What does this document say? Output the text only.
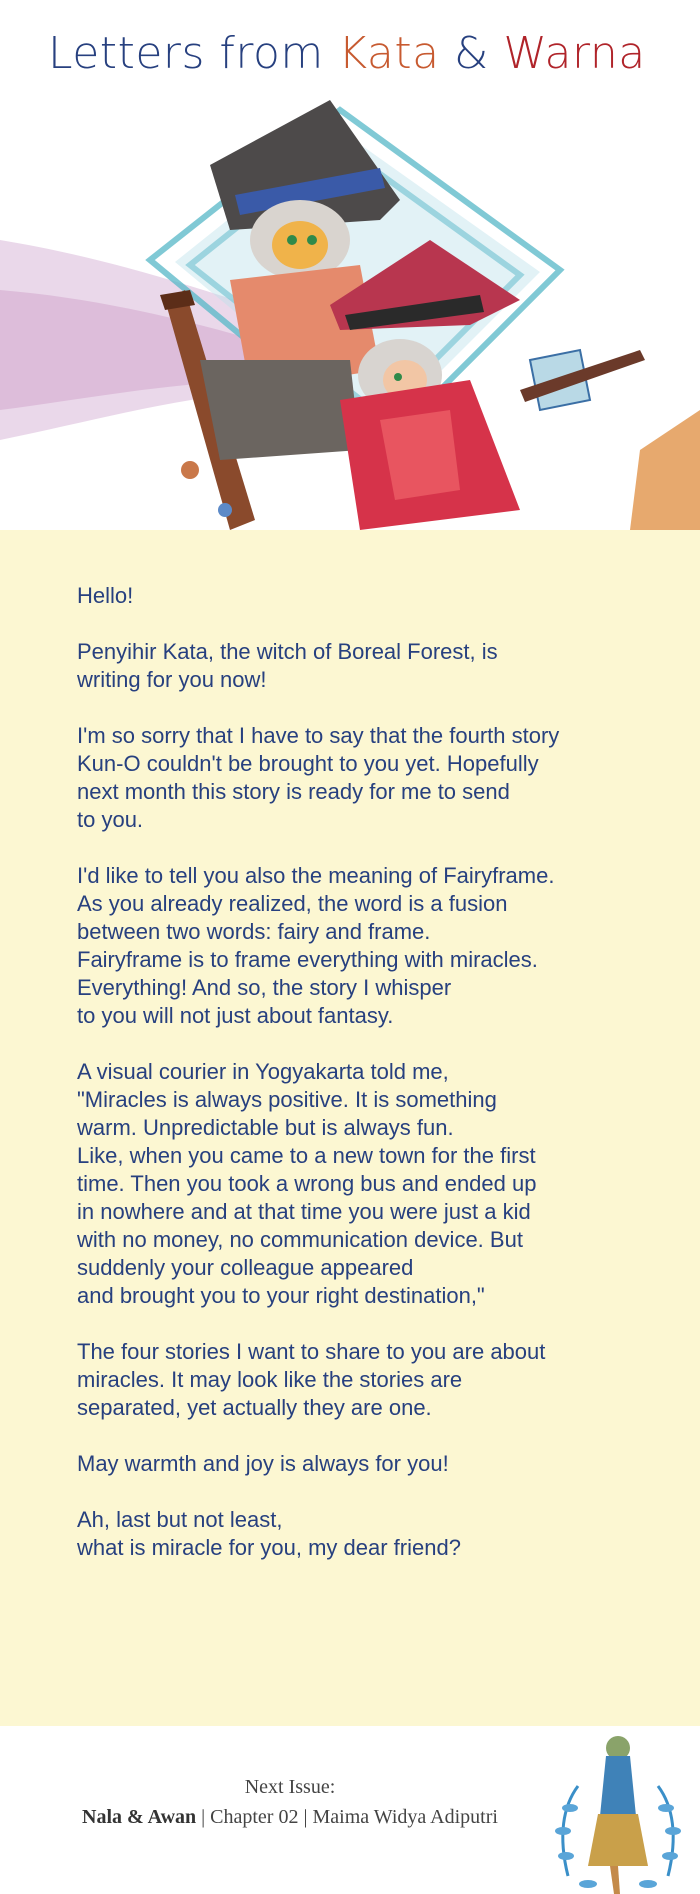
Letters from Kata & Warna

Hello!

Penyihir Kata, the witch of Boreal Forest, is
writing for you now!

I'm so sorry that I have to say that the fourth story
Kun-O couldn't be brought to you yet. Hopefully
next month this story is ready for me to send
to you.

I'd like to tell you also the meaning of Fairyframe.
As you already realized, the word is a fusion
between two words: fairy and frame.
Fairyframe is to frame everything with miracles.
Everything! And so, the story I whisper
to you will not just about fantasy.

A visual courier in Yogyakarta told me,
"Miracles is always positive. It is something
warm. Unpredictable but is always fun.
Like, when you came to a new town for the first
time. Then you took a wrong bus and ended up
in nowhere and at that time you were just a kid
with no money, no communication device. But
suddenly your colleague appeared
and brought you to your right destination,"

The four stories I want to share to you are about
miracles. It may look like the stories are
separated, yet actually they are one.

May warmth and joy is always for you!

Ah, last but not least,
what is miracle for you, my dear friend?

Next Issue:
Nala & Awan | Chapter 02 | Maima Widya Adiputri
